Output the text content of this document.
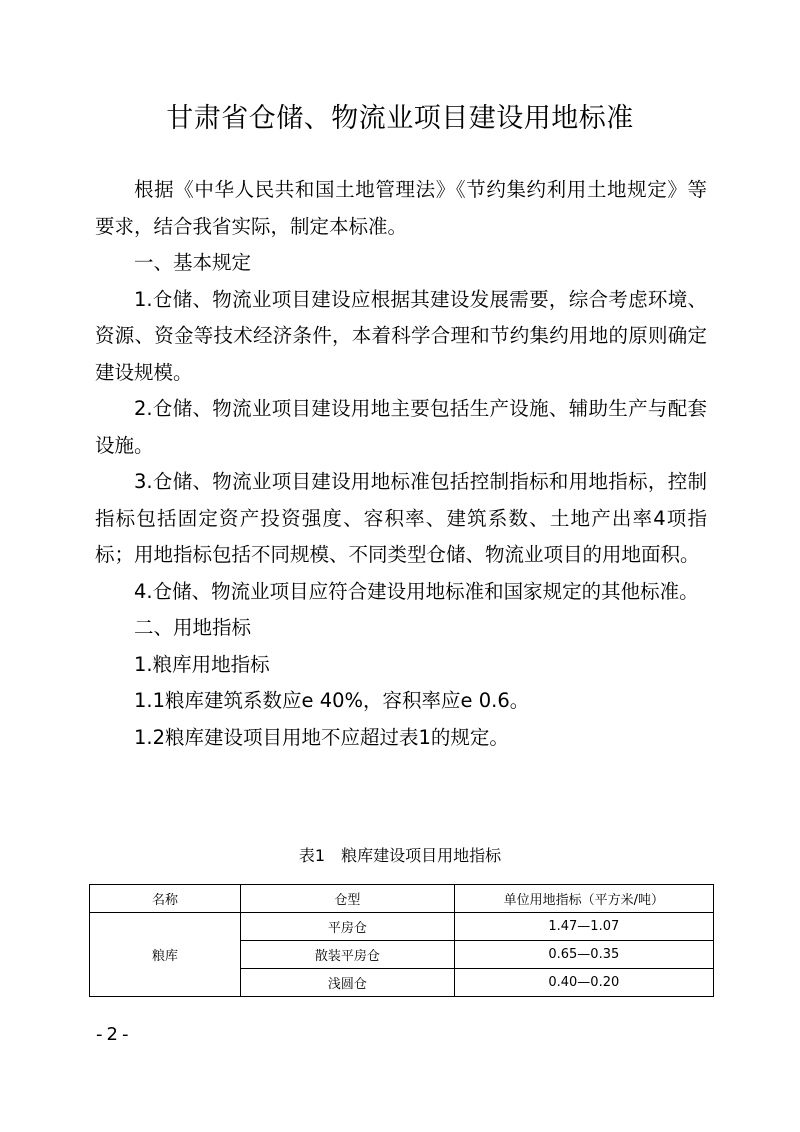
甘肃省仓储、物流业项目建设用地标准

根据《中华人民共和国土地管理法》《节约集约利用土地规定》等要求，结合我省实际，制定本标准。

一、基本规定

1.仓储、物流业项目建设应根据其建设发展需要，综合考虑环境、资源、资金等技术经济条件，本着科学合理和节约集约用地的原则确定建设规模。

2.仓储、物流业项目建设用地主要包括生产设施、辅助生产与配套设施。

3.仓储、物流业项目建设用地标准包括控制指标和用地指标，控制指标包括固定资产投资强度、容积率、建筑系数、土地产出率4项指标；用地指标包括不同规模、不同类型仓储、物流业项目的用地面积。

4.仓储、物流业项目应符合建设用地标准和国家规定的其他标准。

二、用地指标

1.粮库用地指标

1.1粮库建筑系数应e 40%，容积率应e 0.6。

1.2粮库建设项目用地不应超过表1的规定。

表1　粮库建设项目用地指标
名称	仓型	单位用地指标（平方米/吨）
粮库	平房仓	1.47—1.07
	散装平房仓	0.65—0.35
	浅圆仓	0.40—0.20
-2-
